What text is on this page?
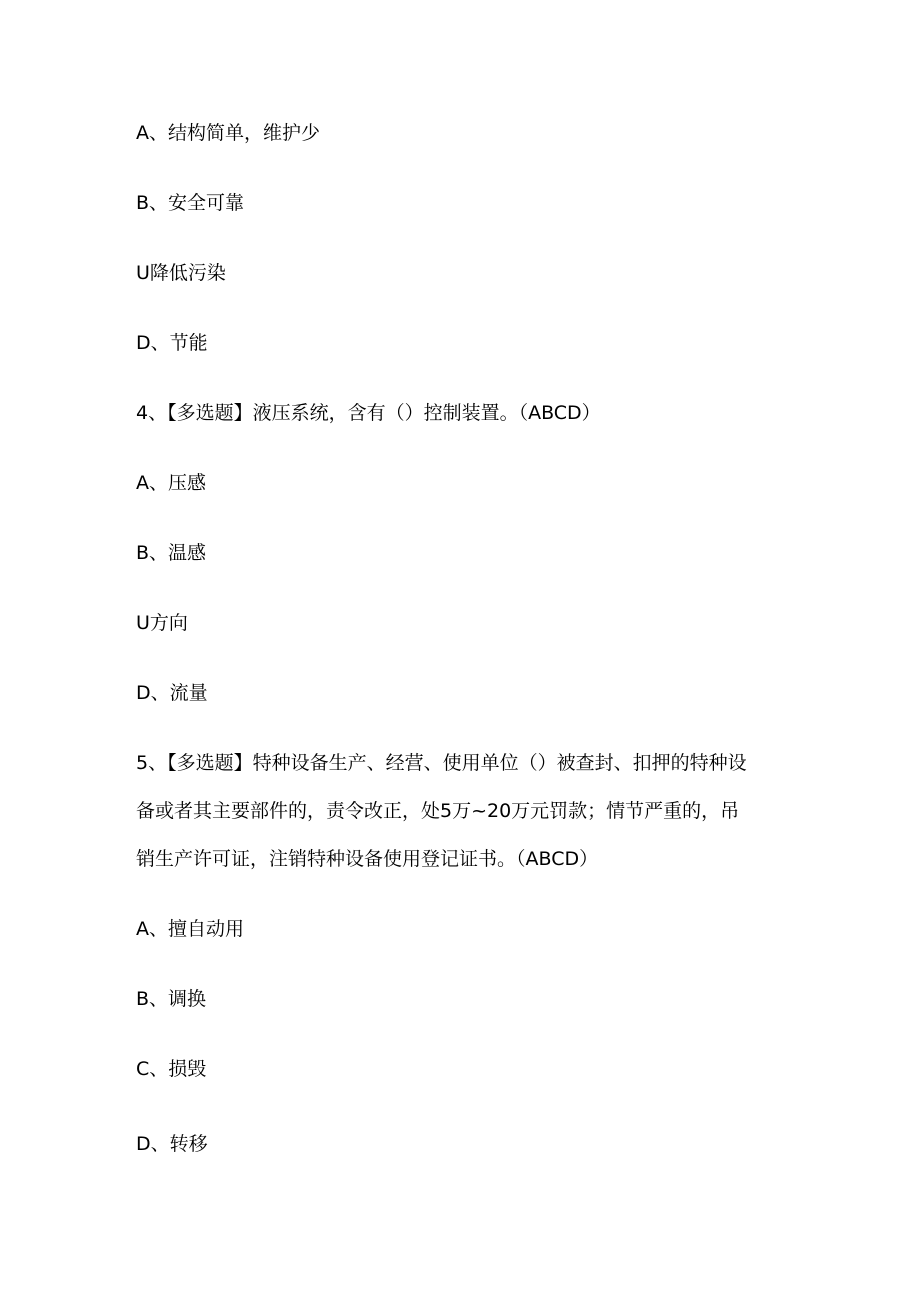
A、结构简单，维护少
B、安全可靠
U降低污染
D、节能
4、【多选题】液压系统，含有（）控制装置。（ABCD）
A、压感
B、温感
U方向
D、流量
5、【多选题】特种设备生产、经营、使用单位（）被查封、扣押的特种设
备或者其主要部件的，责令改正，处5万~20万元罚款；情节严重的，吊
销生产许可证，注销特种设备使用登记证书。（ABCD）
A、擅自动用
B、调换
C、损毁
D、转移
